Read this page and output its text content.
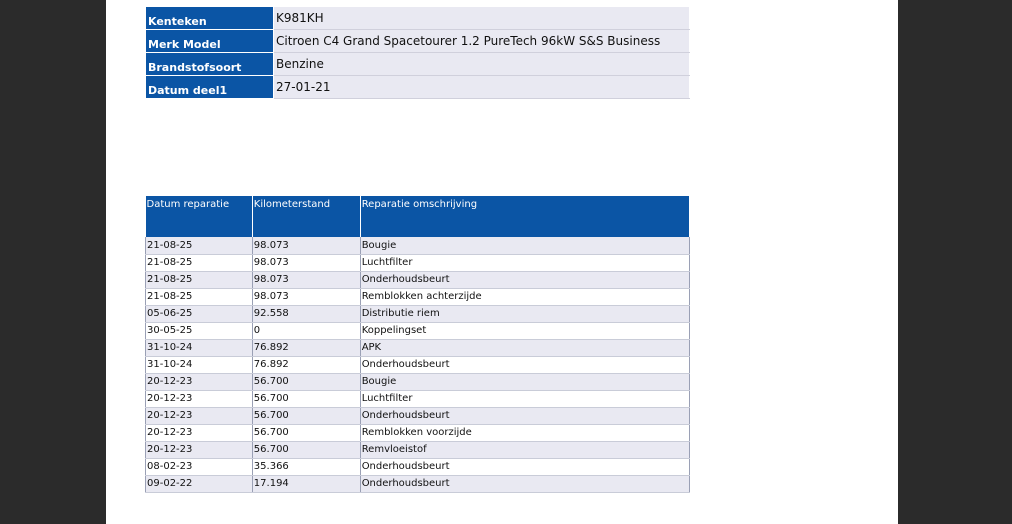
Kenteken	K981KH
Merk Model	Citroen C4 Grand Spacetourer 1.2 PureTech 96kW S&S Business
Brandstofsoort	Benzine
Datum deel1	27-01-21
Datum reparatie	Kilometerstand	Reparatie omschrijving
21-08-25	98.073	Bougie
21-08-25	98.073	Luchtfilter
21-08-25	98.073	Onderhoudsbeurt
21-08-25	98.073	Remblokken achterzijde
05-06-25	92.558	Distributie riem
30-05-25	0	Koppelingset
31-10-24	76.892	APK
31-10-24	76.892	Onderhoudsbeurt
20-12-23	56.700	Bougie
20-12-23	56.700	Luchtfilter
20-12-23	56.700	Onderhoudsbeurt
20-12-23	56.700	Remblokken voorzijde
20-12-23	56.700	Remvloeistof
08-02-23	35.366	Onderhoudsbeurt
09-02-22	17.194	Onderhoudsbeurt
